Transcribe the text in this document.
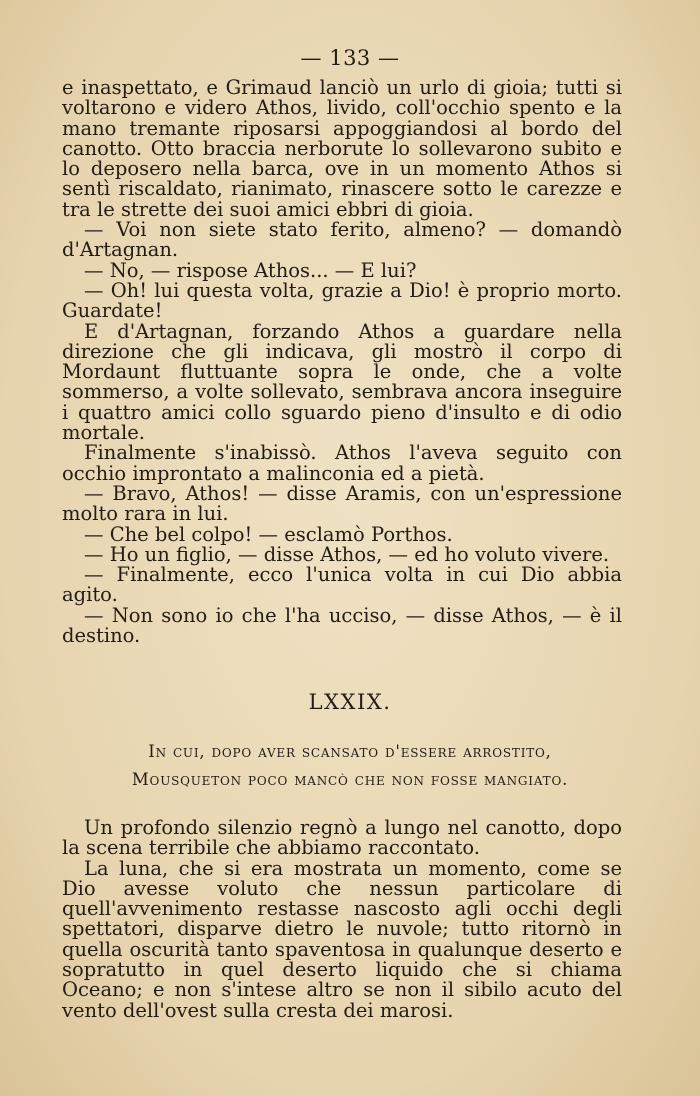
— 133 —

e inaspettato, e Grimaud lanciò un urlo di gioia; tutti si voltarono e videro Athos, livido, coll'occhio spento e la mano tremante riposarsi appoggiandosi al bordo del canotto. Otto braccia nerborute lo sollevarono subito e lo deposero nella barca, ove in un momento Athos si sentì riscaldato, rianimato, rinascere sotto le carezze e tra le strette dei suoi amici ebbri di gioia.

— Voi non siete stato ferito, almeno? — domandò d'Artagnan.

— No, — rispose Athos... — E lui?

— Oh! lui questa volta, grazie a Dio! è proprio morto. Guardate!

E d'Artagnan, forzando Athos a guardare nella direzione che gli indicava, gli mostrò il corpo di Mordaunt fluttuante sopra le onde, che a volte sommerso, a volte sollevato, sembrava ancora inseguire i quattro amici collo sguardo pieno d'insulto e di odio mortale.

Finalmente s'inabissò. Athos l'aveva seguito con occhio improntato a malinconia ed a pietà.

— Bravo, Athos! — disse Aramis, con un'espressione molto rara in lui.

— Che bel colpo! — esclamò Porthos.

— Ho un figlio, — disse Athos, — ed ho voluto vivere.

— Finalmente, ecco l'unica volta in cui Dio abbia agito.

— Non sono io che l'ha ucciso, — disse Athos, — è il destino.

LXXIX.
In cui, dopo aver scansato d'essere arrostito,
Mousqueton poco mancò che non fosse mangiato.

Un profondo silenzio regnò a lungo nel canotto, dopo la scena terribile che abbiamo raccontato.

La luna, che si era mostrata un momento, come se Dio avesse voluto che nessun particolare di quell'avvenimento restasse nascosto agli occhi degli spettatori, disparve dietro le nuvole; tutto ritornò in quella oscurità tanto spaventosa in qualunque deserto e sopratutto in quel deserto liquido che si chiama Oceano; e non s'intese altro se non il sibilo acuto del vento dell'ovest sulla cresta dei marosi.
